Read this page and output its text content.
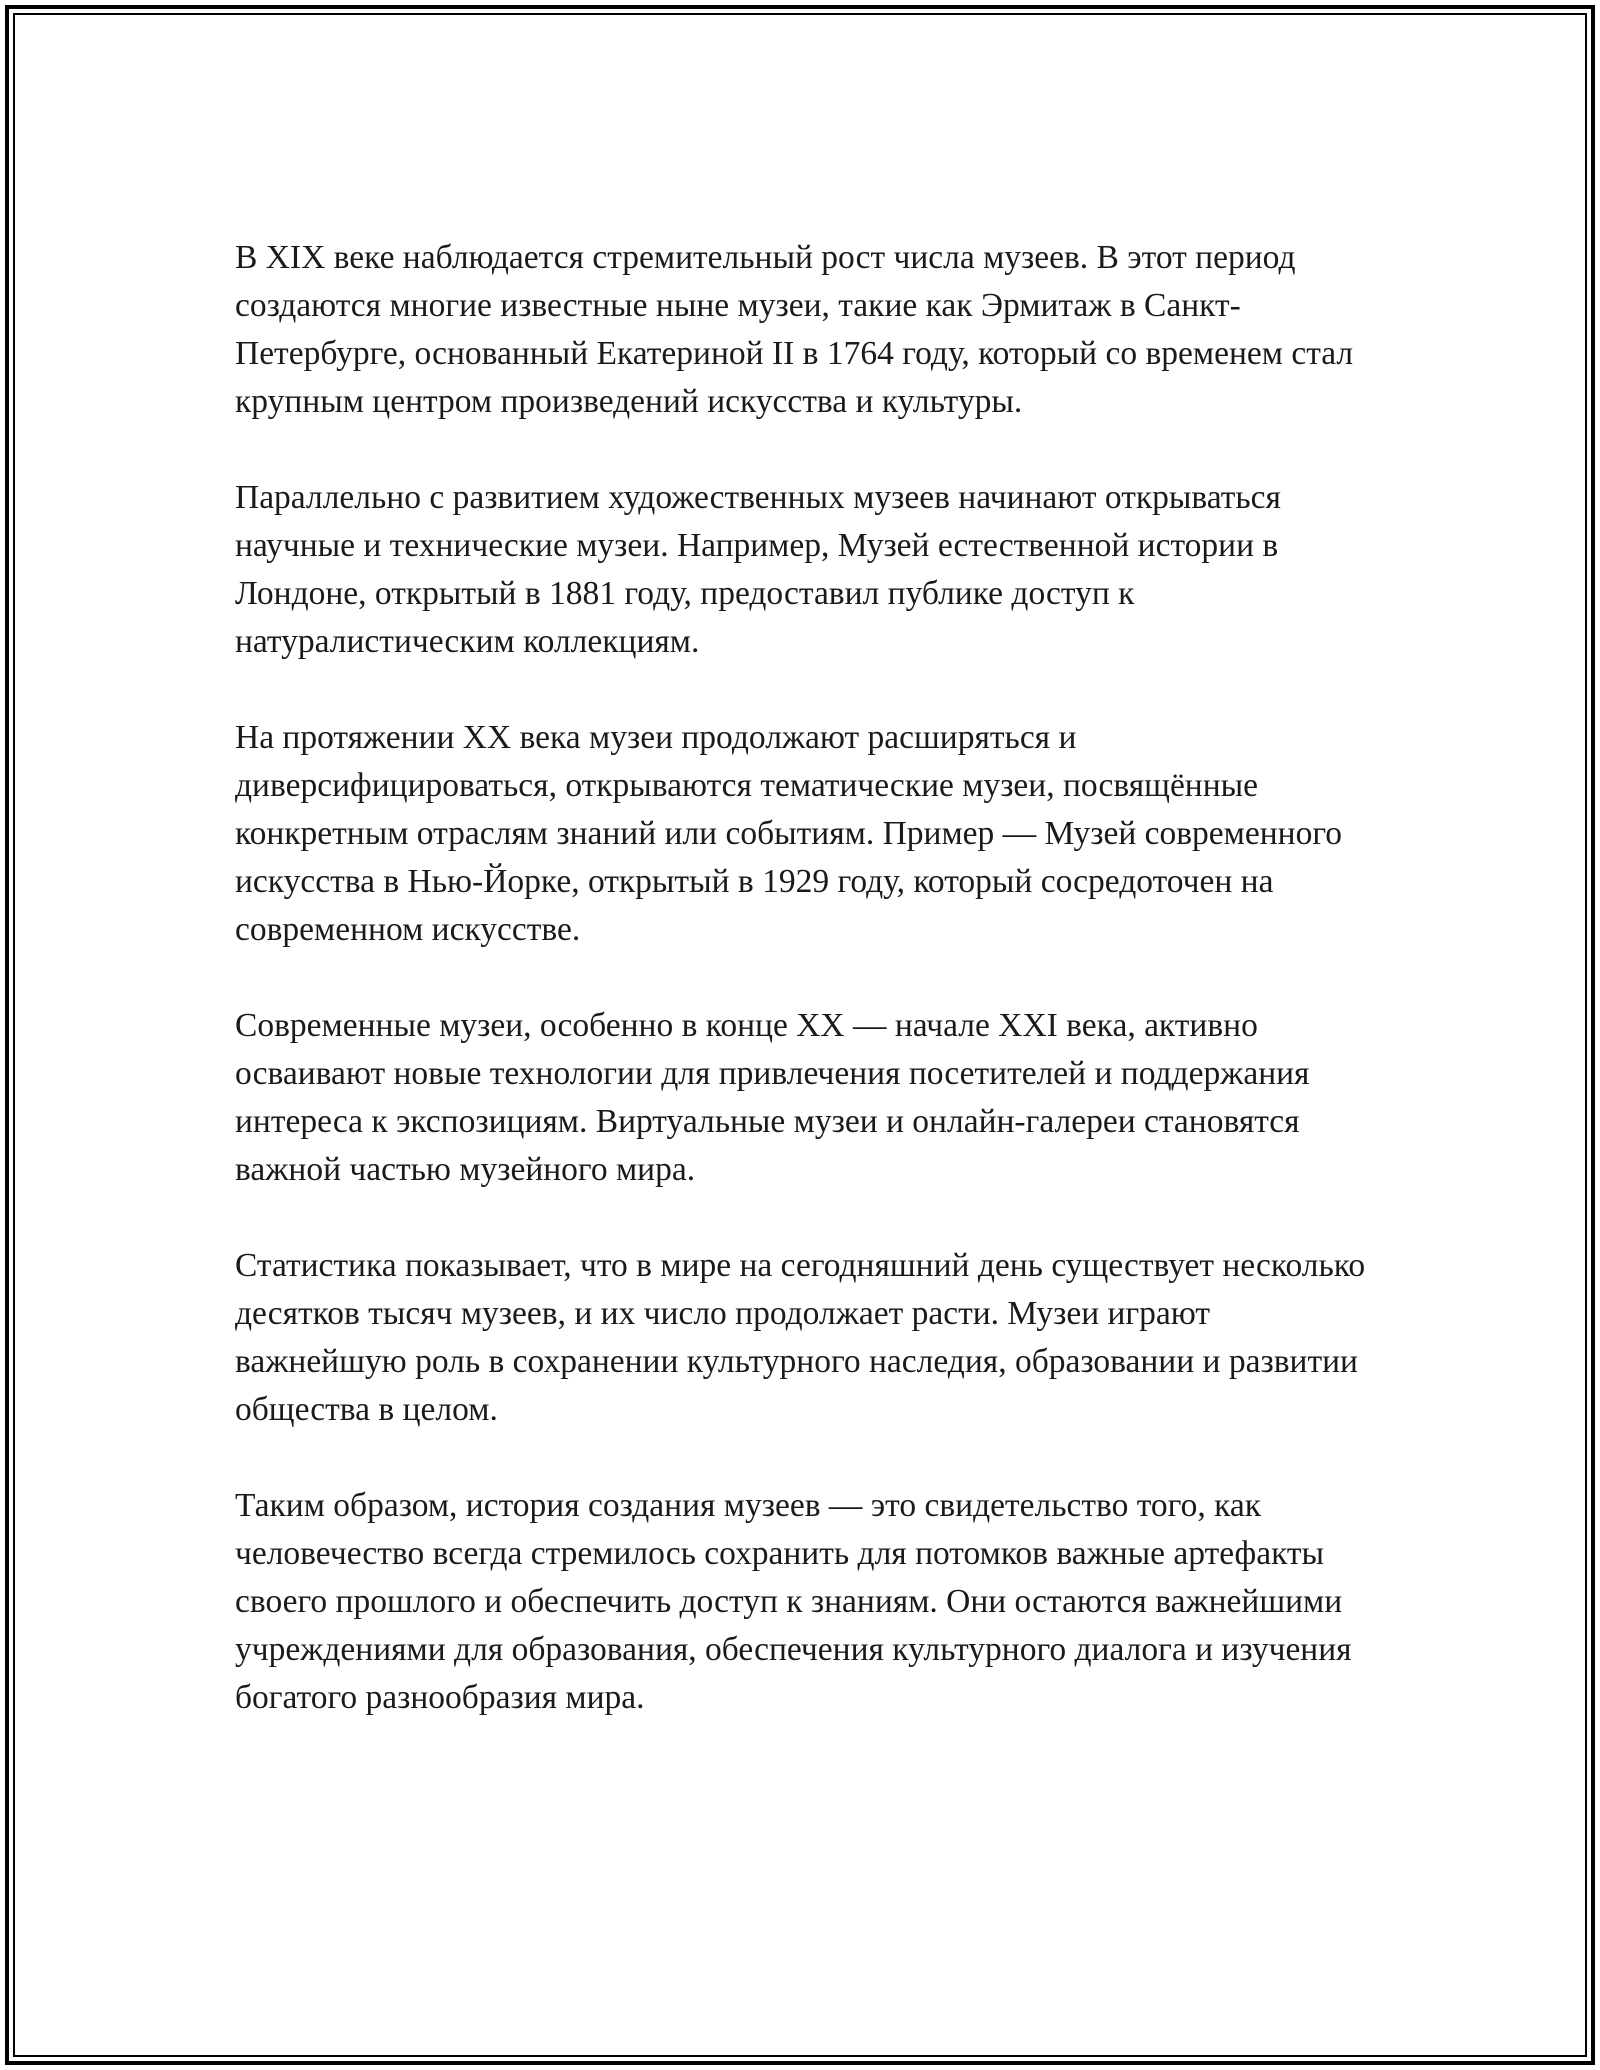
В XIX веке наблюдается стремительный рост числа музеев. В этот период создаются многие известные ныне музеи, такие как Эрмитаж в Санкт-Петербурге, основанный Екатериной II в 1764 году, который со временем стал крупным центром произведений искусства и культуры.

Параллельно с развитием художественных музеев начинают открываться научные и технические музеи. Например, Музей естественной истории в Лондоне, открытый в 1881 году, предоставил публике доступ к натуралистическим коллекциям.

На протяжении XX века музеи продолжают расширяться и диверсифицироваться, открываются тематические музеи, посвящённые конкретным отраслям знаний или событиям. Пример — Музей современного искусства в Нью-Йорке, открытый в 1929 году, который сосредоточен на современном искусстве.

Современные музеи, особенно в конце XX — начале XXI века, активно осваивают новые технологии для привлечения посетителей и поддержания интереса к экспозициям. Виртуальные музеи и онлайн-галереи становятся важной частью музейного мира.

Статистика показывает, что в мире на сегодняшний день существует несколько десятков тысяч музеев, и их число продолжает расти. Музеи играют важнейшую роль в сохранении культурного наследия, образовании и развитии общества в целом.

Таким образом, история создания музеев — это свидетельство того, как человечество всегда стремилось сохранить для потомков важные артефакты своего прошлого и обеспечить доступ к знаниям. Они остаются важнейшими учреждениями для образования, обеспечения культурного диалога и изучения богатого разнообразия мира.
